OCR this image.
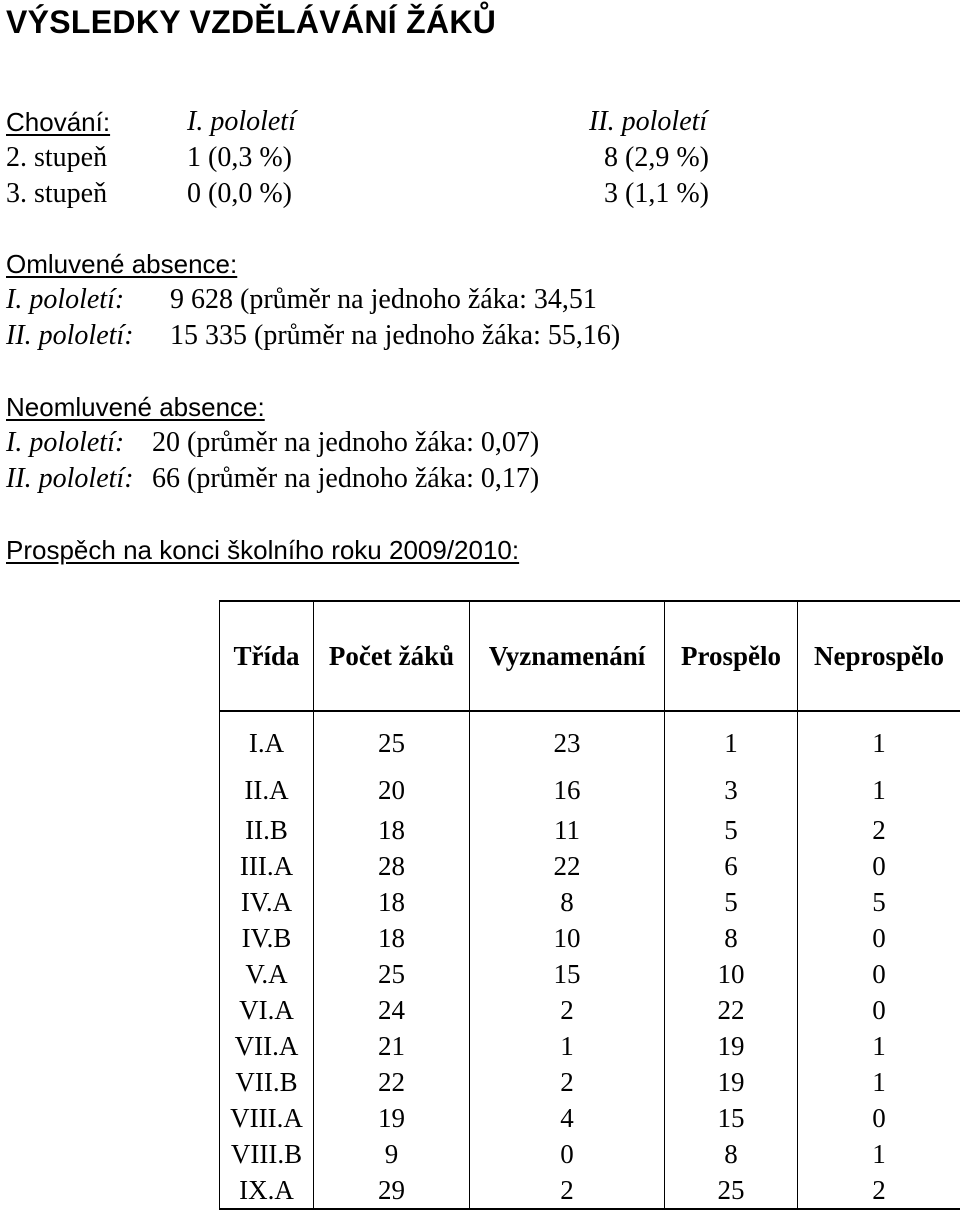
VÝSLEDKY VZDĚLÁVÁNÍ ŽÁKŮ
Chování:	I. pololetí	II. pololetí
2. stupeň	1 (0,3 %)	8 (2,9 %)
3. stupeň	0 (0,0 %)	3 (1,1 %)
Omluvené absence:
I. pololetí: 9 628 (průměr na jednoho žáka: 34,51
II. pololetí: 15 335 (průměr na jednoho žáka: 55,16)
Neomluvené absence:
I. pololetí: 20 (průměr na jednoho žáka: 0,07)
II. pololetí: 66 (průměr na jednoho žáka: 0,17)
Prospěch na konci školního roku 2009/2010:
Třída	Počet žáků	Vyznamenání	Prospělo	Neprospělo
I.A	25	23	1	1
II.A	20	16	3	1
II.B	18	11	5	2
III.A	28	22	6	0
IV.A	18	8	5	5
IV.B	18	10	8	0
V.A	25	15	10	0
VI.A	24	2	22	0
VII.A	21	1	19	1
VII.B	22	2	19	1
VIII.A	19	4	15	0
VIII.B	9	0	8	1
IX.A	29	2	25	2
